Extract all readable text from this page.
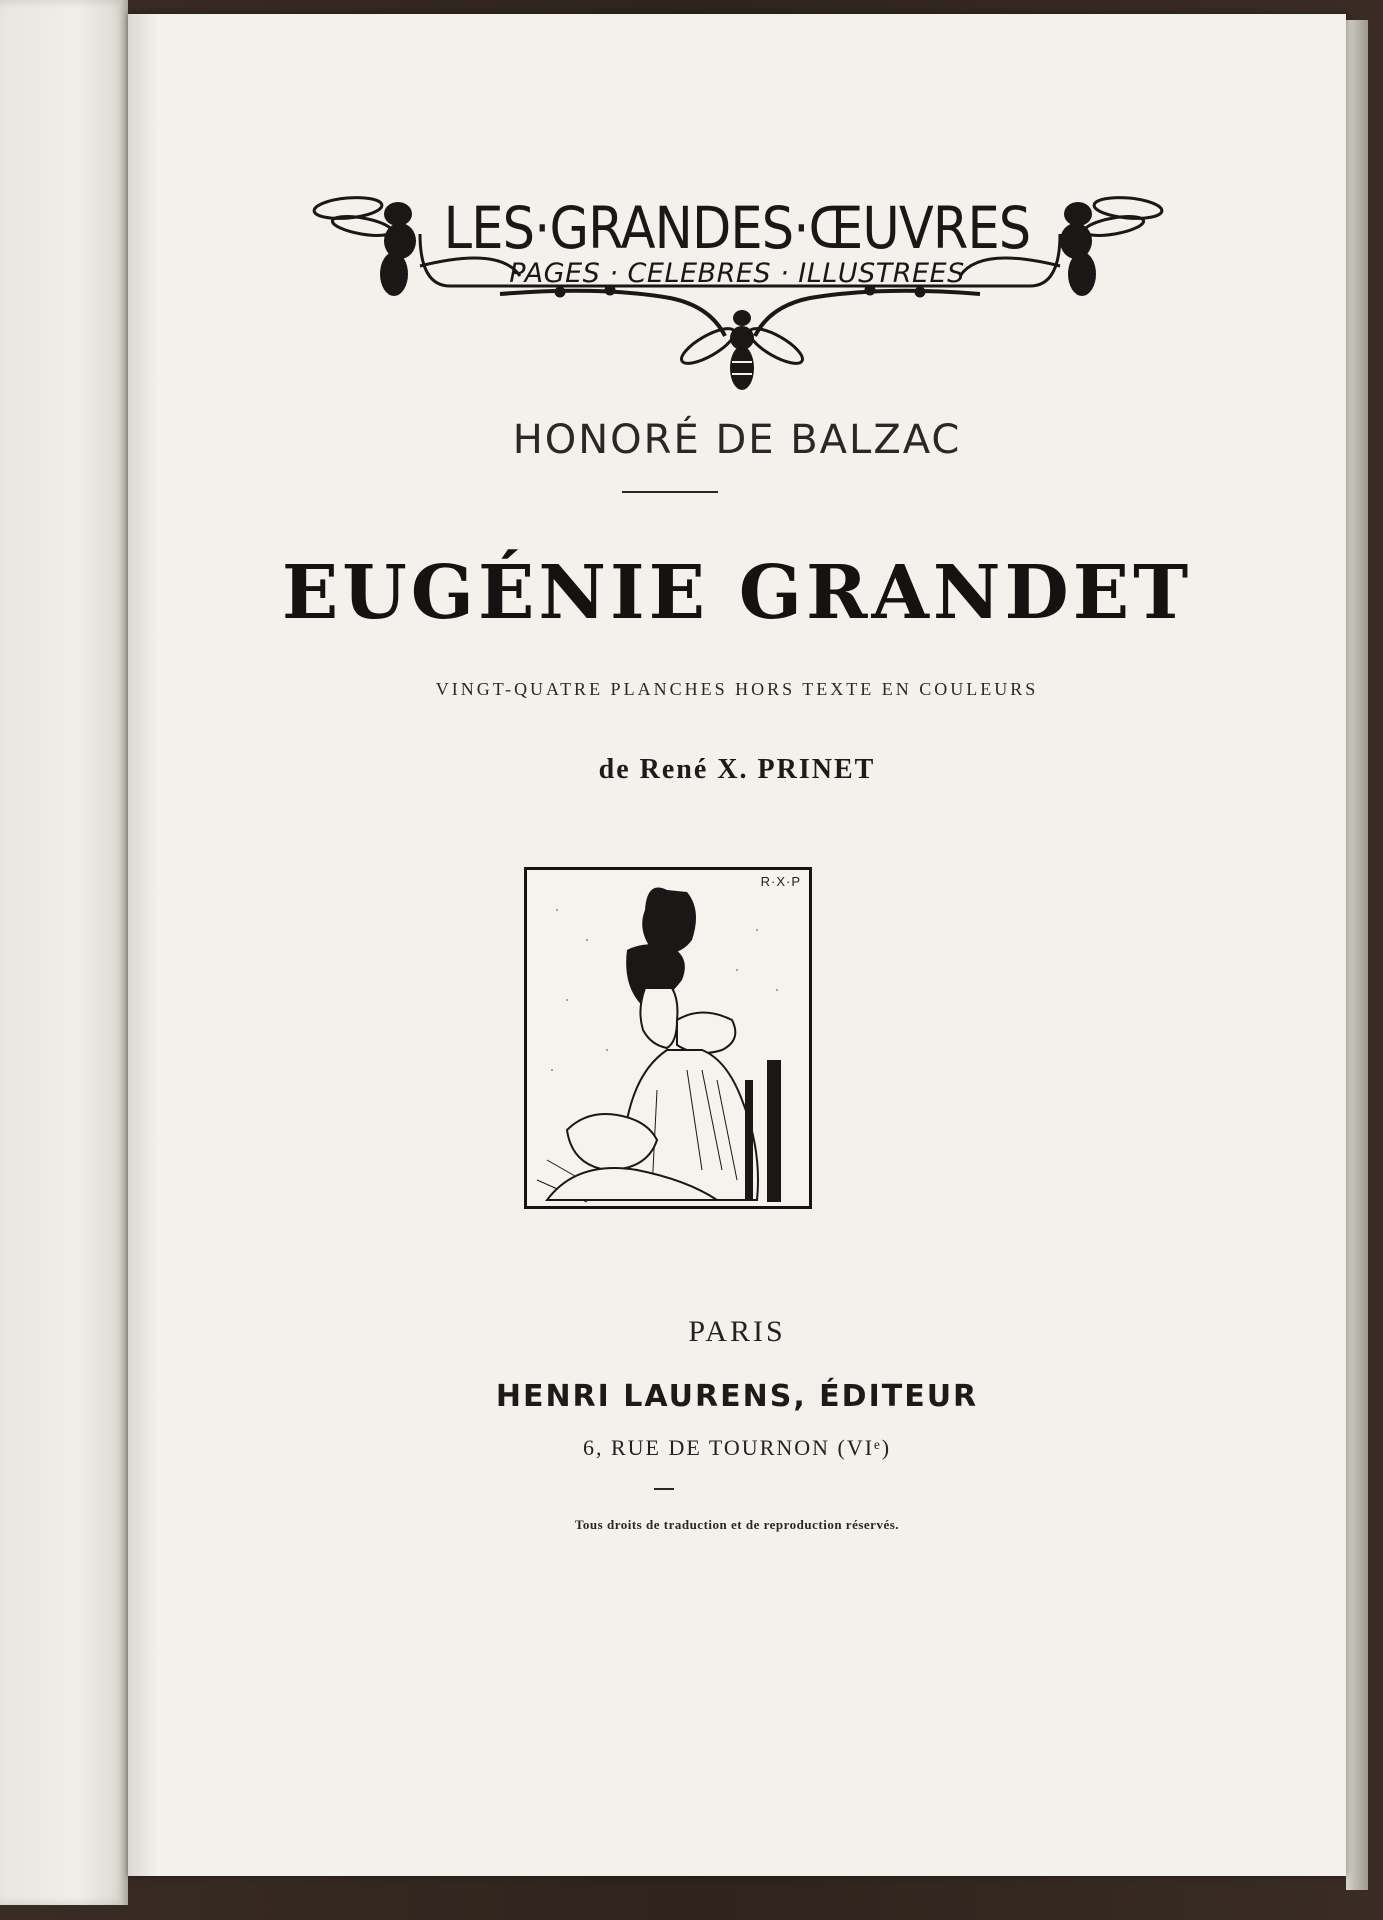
LES·GRANDES·ŒUVRES
PAGES · CELEBRES · ILLUSTREES
HONORÉ DE BALZAC
EUGÉNIE GRANDET
VINGT-QUATRE PLANCHES HORS TEXTE EN COULEURS
de René X. PRINET
R·X·P
PARIS
HENRI LAURENS, ÉDITEUR
6, RUE DE TOURNON (VIᵉ)
Tous droits de traduction et de reproduction réservés.
